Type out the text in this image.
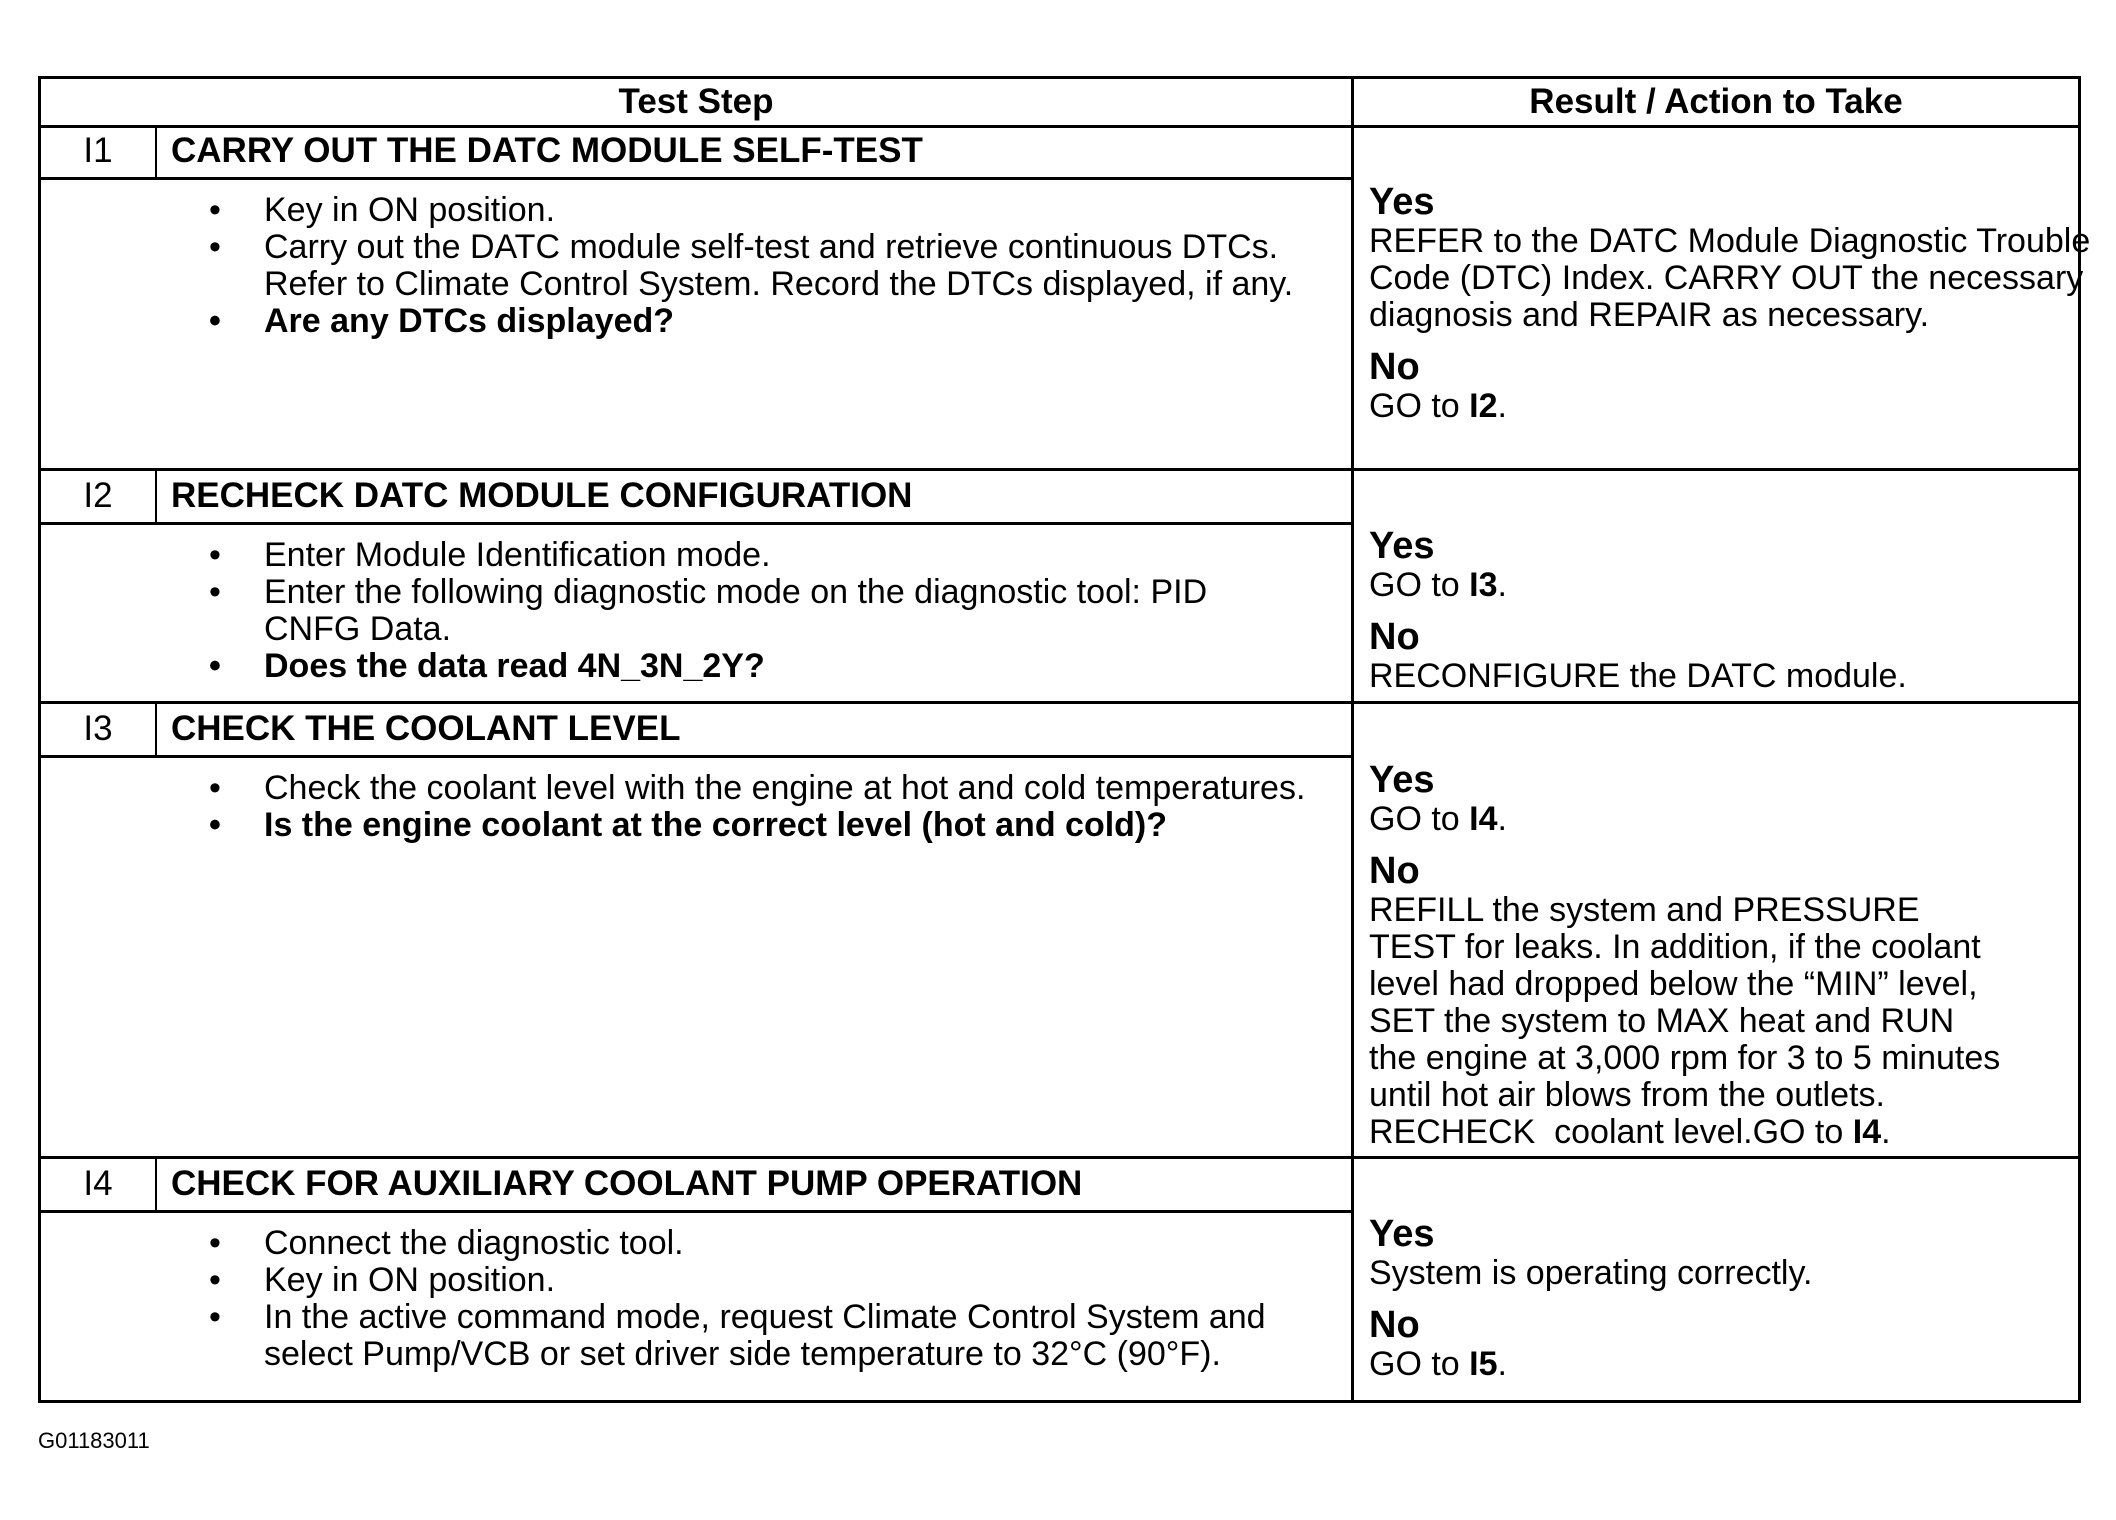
Test Step	Result / Action to Take
I1	CARRY OUT THE DATC MODULE SELF-TEST
• Key in ON position.
• Carry out the DATC module self-test and retrieve continuous DTCs. Refer to Climate Control System. Record the DTCs displayed, if any.
• Are any DTCs displayed?
Yes
REFER to the DATC Module Diagnostic Trouble Code (DTC) Index. CARRY OUT the necessary diagnosis and REPAIR as necessary.
No
GO to I2.
I2	RECHECK DATC MODULE CONFIGURATION
• Enter Module Identification mode.
• Enter the following diagnostic mode on the diagnostic tool: PID CNFG Data.
• Does the data read 4N_3N_2Y?
Yes
GO to I3.
No
RECONFIGURE the DATC module.
I3	CHECK THE COOLANT LEVEL
• Check the coolant level with the engine at hot and cold temperatures.
• Is the engine coolant at the correct level (hot and cold)?
Yes
GO to I4.
No
REFILL the system and PRESSURE
TEST for leaks. In addition, if the coolant
level had dropped below the “MIN” level,
SET the system to MAX heat and RUN
the engine at 3,000 rpm for 3 to 5 minutes
until hot air blows from the outlets.
RECHECK  coolant level.GO to I4.
I4	CHECK FOR AUXILIARY COOLANT PUMP OPERATION
• Connect the diagnostic tool.
• Key in ON position.
• In the active command mode, request Climate Control System and select Pump/VCB or set driver side temperature to 32°C (90°F).
Yes
System is operating correctly.
No
GO to I5.
G01183011
